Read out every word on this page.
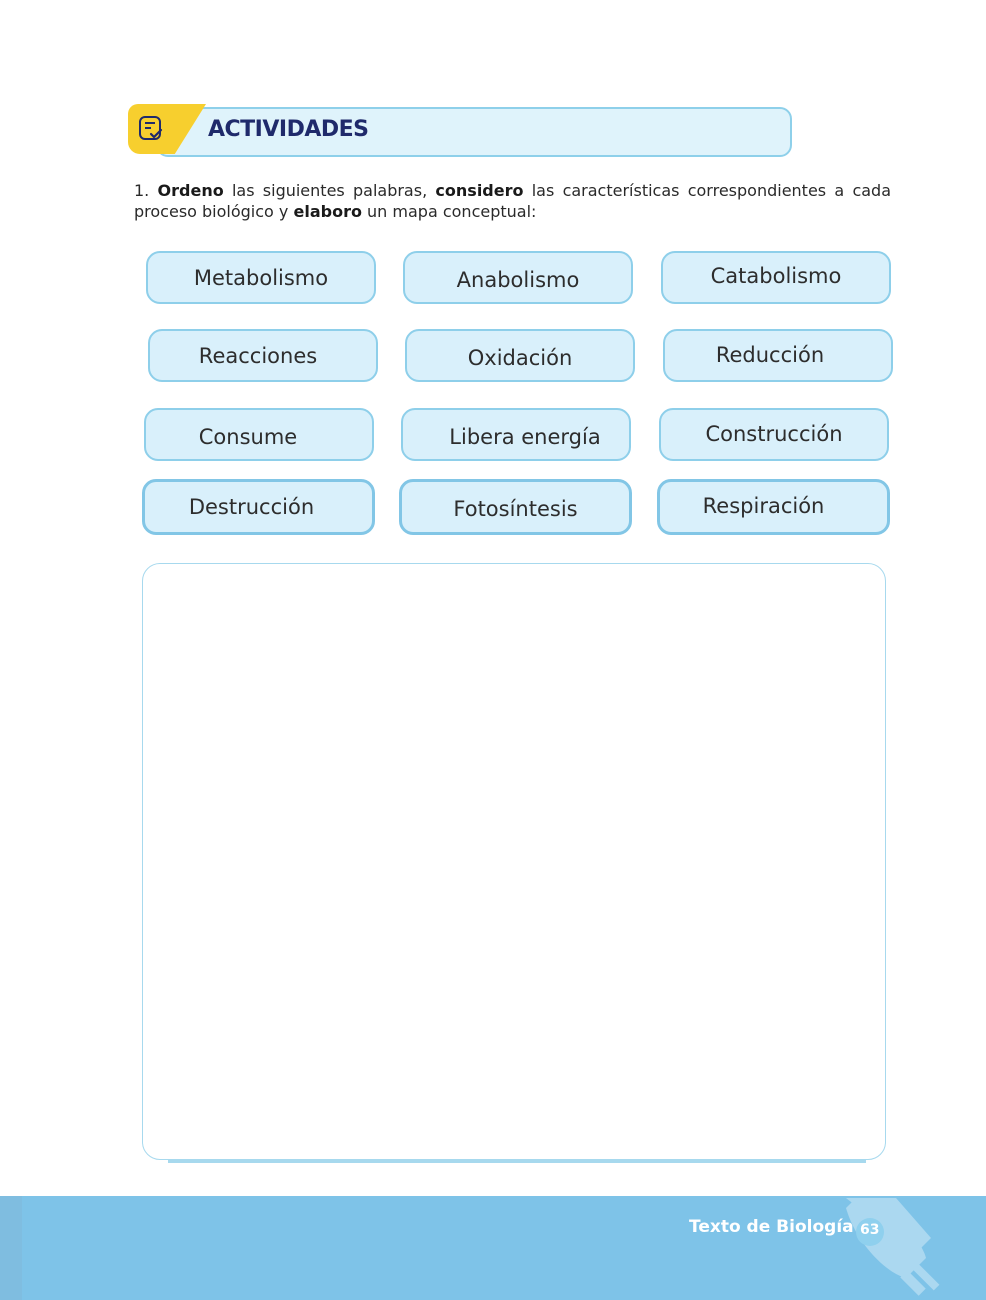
ACTIVIDADES
1. Ordeno las siguientes palabras, considero las características correspondientes a cada proceso biológico y elaboro un mapa conceptual:
Metabolismo	Anabolismo	Catabolismo
Reacciones	Oxidación	Reducción
Consume	Libera energía	Construcción
Destrucción	Fotosíntesis	Respiración
Texto de Biología 63
